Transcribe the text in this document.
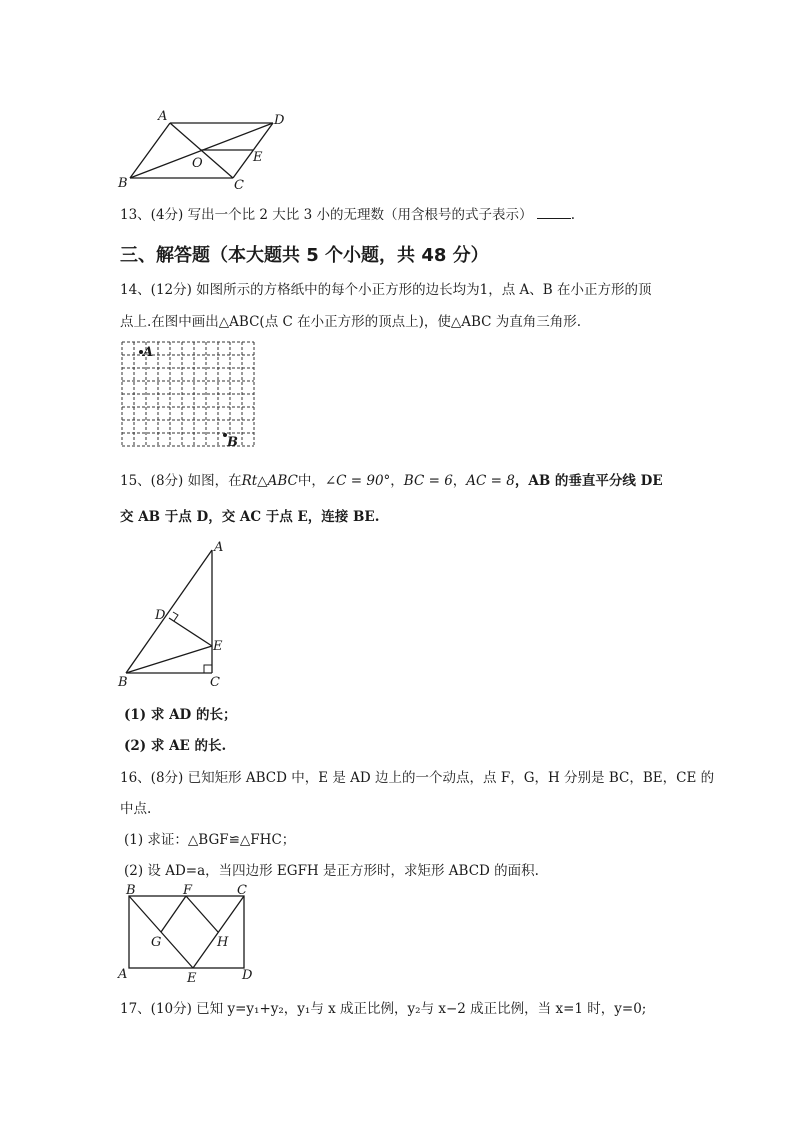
A	D
O	E
B	C
13、(4分) 写出一个比 2 大比 3 小的无理数（用含根号的式子表示）	.
三、解答题（本大题共 5 个小题，共 48 分）
14、(12分) 如图所示的方格纸中的每个小正方形的边长均为1，点 A、B 在小正方形的顶
点上.在图中画出△ABC(点 C 在小正方形的顶点上)，使△ABC 为直角三角形.
A
B
15、(8分) 如图，在Rt△ABC中，∠C = 90°，BC = 6，AC = 8，AB 的垂直平分线 DE
交 AB 于点 D，交 AC 于点 E，连接 BE.
A
D
E
B	C
(1) 求 AD 的长；
(2) 求 AE 的长.
16、(8分) 已知矩形 ABCD 中，E 是 AD 边上的一个动点，点 F，G，H 分别是 BC，BE，CE 的
中点.
(1) 求证：△BGF≌△FHC；
(2) 设 AD=a，当四边形 EGFH 是正方形时，求矩形 ABCD 的面积.
B	F	C
G	H
A	E	D
17、(10分) 已知 y=y₁+y₂，y₁与 x 成正比例，y₂与 x−2 成正比例，当 x=1 时，y=0;
